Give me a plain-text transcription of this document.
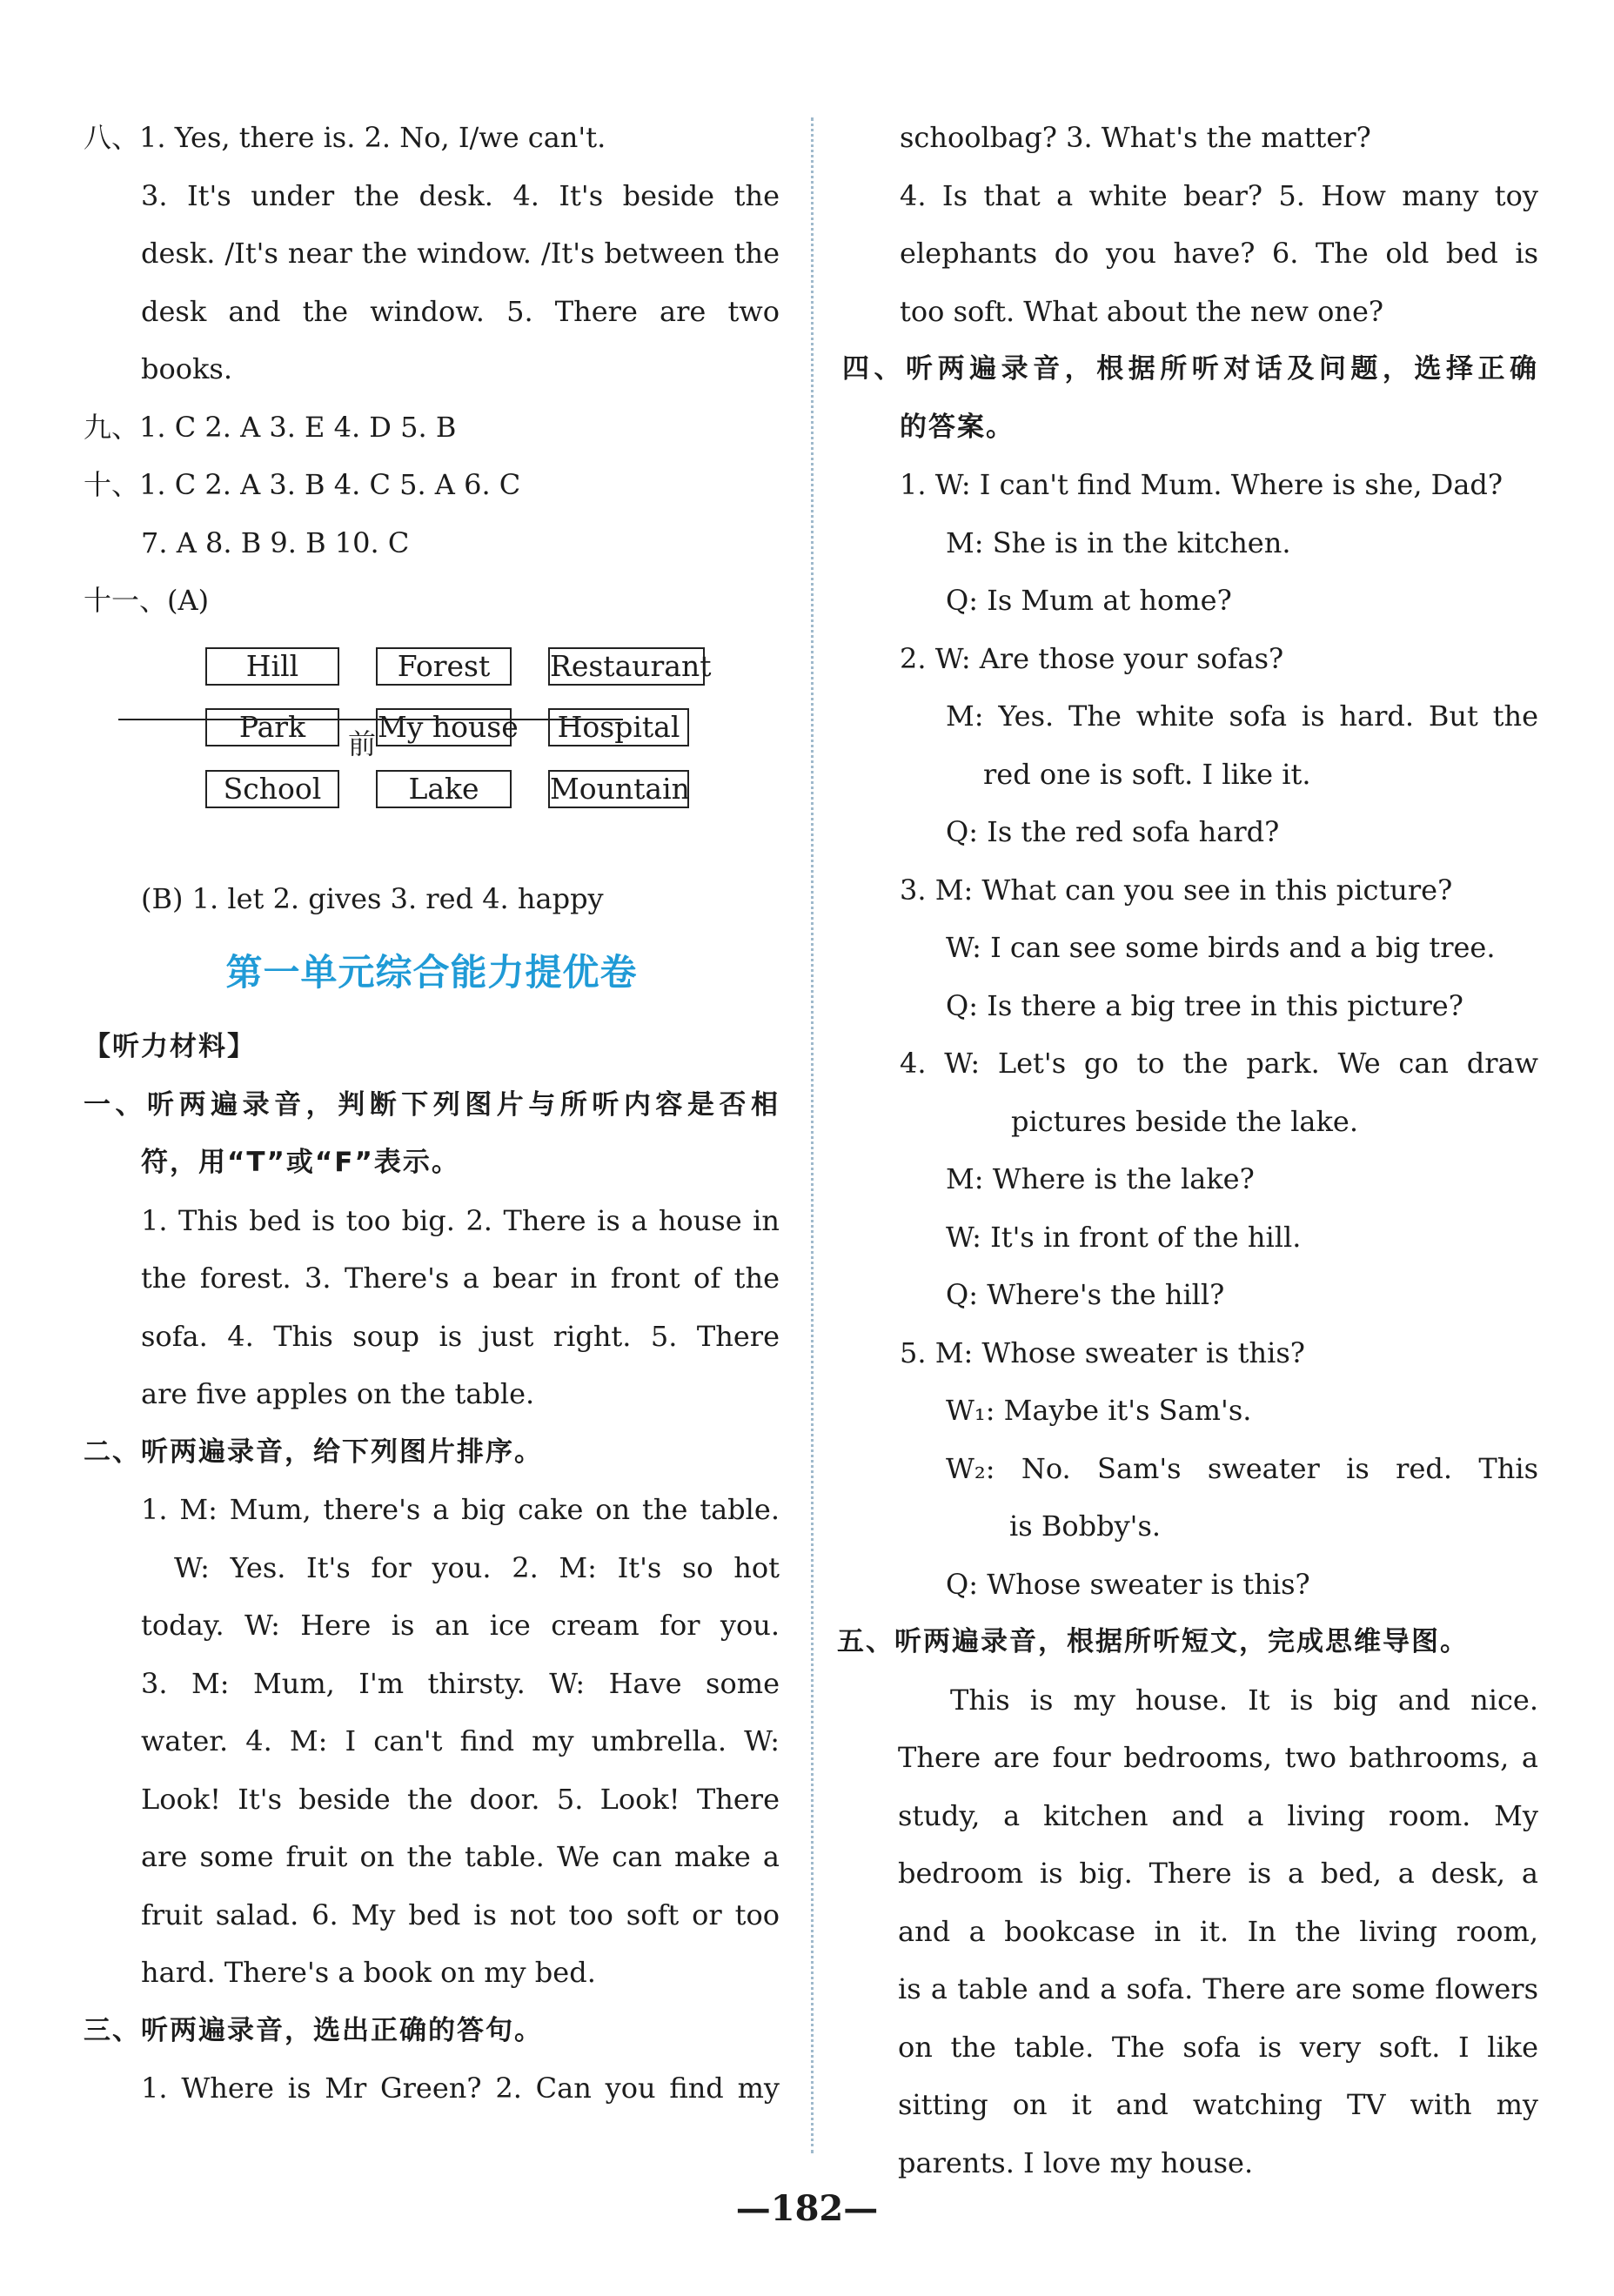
八、1. Yes, there is. 2. No, I/we can't.
3. It's under the desk. 4. It's beside the
desk. /It's near the window. /It's between the
desk and the window. 5. There are two
books.
九、1. C 2. A 3. E 4. D 5. B
十、1. C 2. A 3. B 4. C 5. A 6. C
7. A 8. B 9. B 10. C
十一、(A)
Hill	Forest	Restaurant
Park	My house	Hospital
School	Lake	Mountain
(B) 1. let 2. gives 3. red 4. happy
第一单元综合能力提优卷
【听力材料】
一、听两遍录音，判断下列图片与所听内容是否相
符，用“T”或“F”表示。
1. This bed is too big. 2. There is a house in
the forest. 3. There's a bear in front of the
sofa. 4. This soup is just right. 5. There
are five apples on the table.
二、听两遍录音，给下列图片排序。
1. M: Mum, there's a big cake on the table.
W: Yes. It's for you. 2. M: It's so hot
today. W: Here is an ice cream for you.
3. M: Mum, I'm thirsty. W: Have some
water. 4. M: I can't find my umbrella. W:
Look! It's beside the door. 5. Look! There
are some fruit on the table. We can make a
fruit salad. 6. My bed is not too soft or too
hard. There's a book on my bed.
三、听两遍录音，选出正确的答句。
1. Where is Mr Green? 2. Can you find my
前
schoolbag? 3. What's the matter?
4. Is that a white bear? 5. How many toy
elephants do you have? 6. The old bed is
too soft. What about the new one?
四、听两遍录音，根据所听对话及问题，选择正确
的答案。
1. W: I can't find Mum. Where is she, Dad?
M: She is in the kitchen.
Q: Is Mum at home?
2. W: Are those your sofas?
M: Yes. The white sofa is hard. But the
red one is soft. I like it.
Q: Is the red sofa hard?
3. M: What can you see in this picture?
W: I can see some birds and a big tree.
Q: Is there a big tree in this picture?
4. W: Let's go to the park. We can draw
pictures beside the lake.
M: Where is the lake?
W: It's in front of the hill.
Q: Where's the hill?
5. M: Whose sweater is this?
W₁: Maybe it's Sam's.
W₂: No. Sam's sweater is red. This
is Bobby's.
Q: Whose sweater is this?
五、听两遍录音，根据所听短文，完成思维导图。
This is my house. It is big and nice.
There are four bedrooms, two bathrooms, a
study, a kitchen and a living room. My
bedroom is big. There is a bed, a desk, a
and a bookcase in it. In the living room,
is a table and a sofa. There are some flowers
on the table. The sofa is very soft. I like
sitting on it and watching TV with my
parents. I love my house.
—182—
